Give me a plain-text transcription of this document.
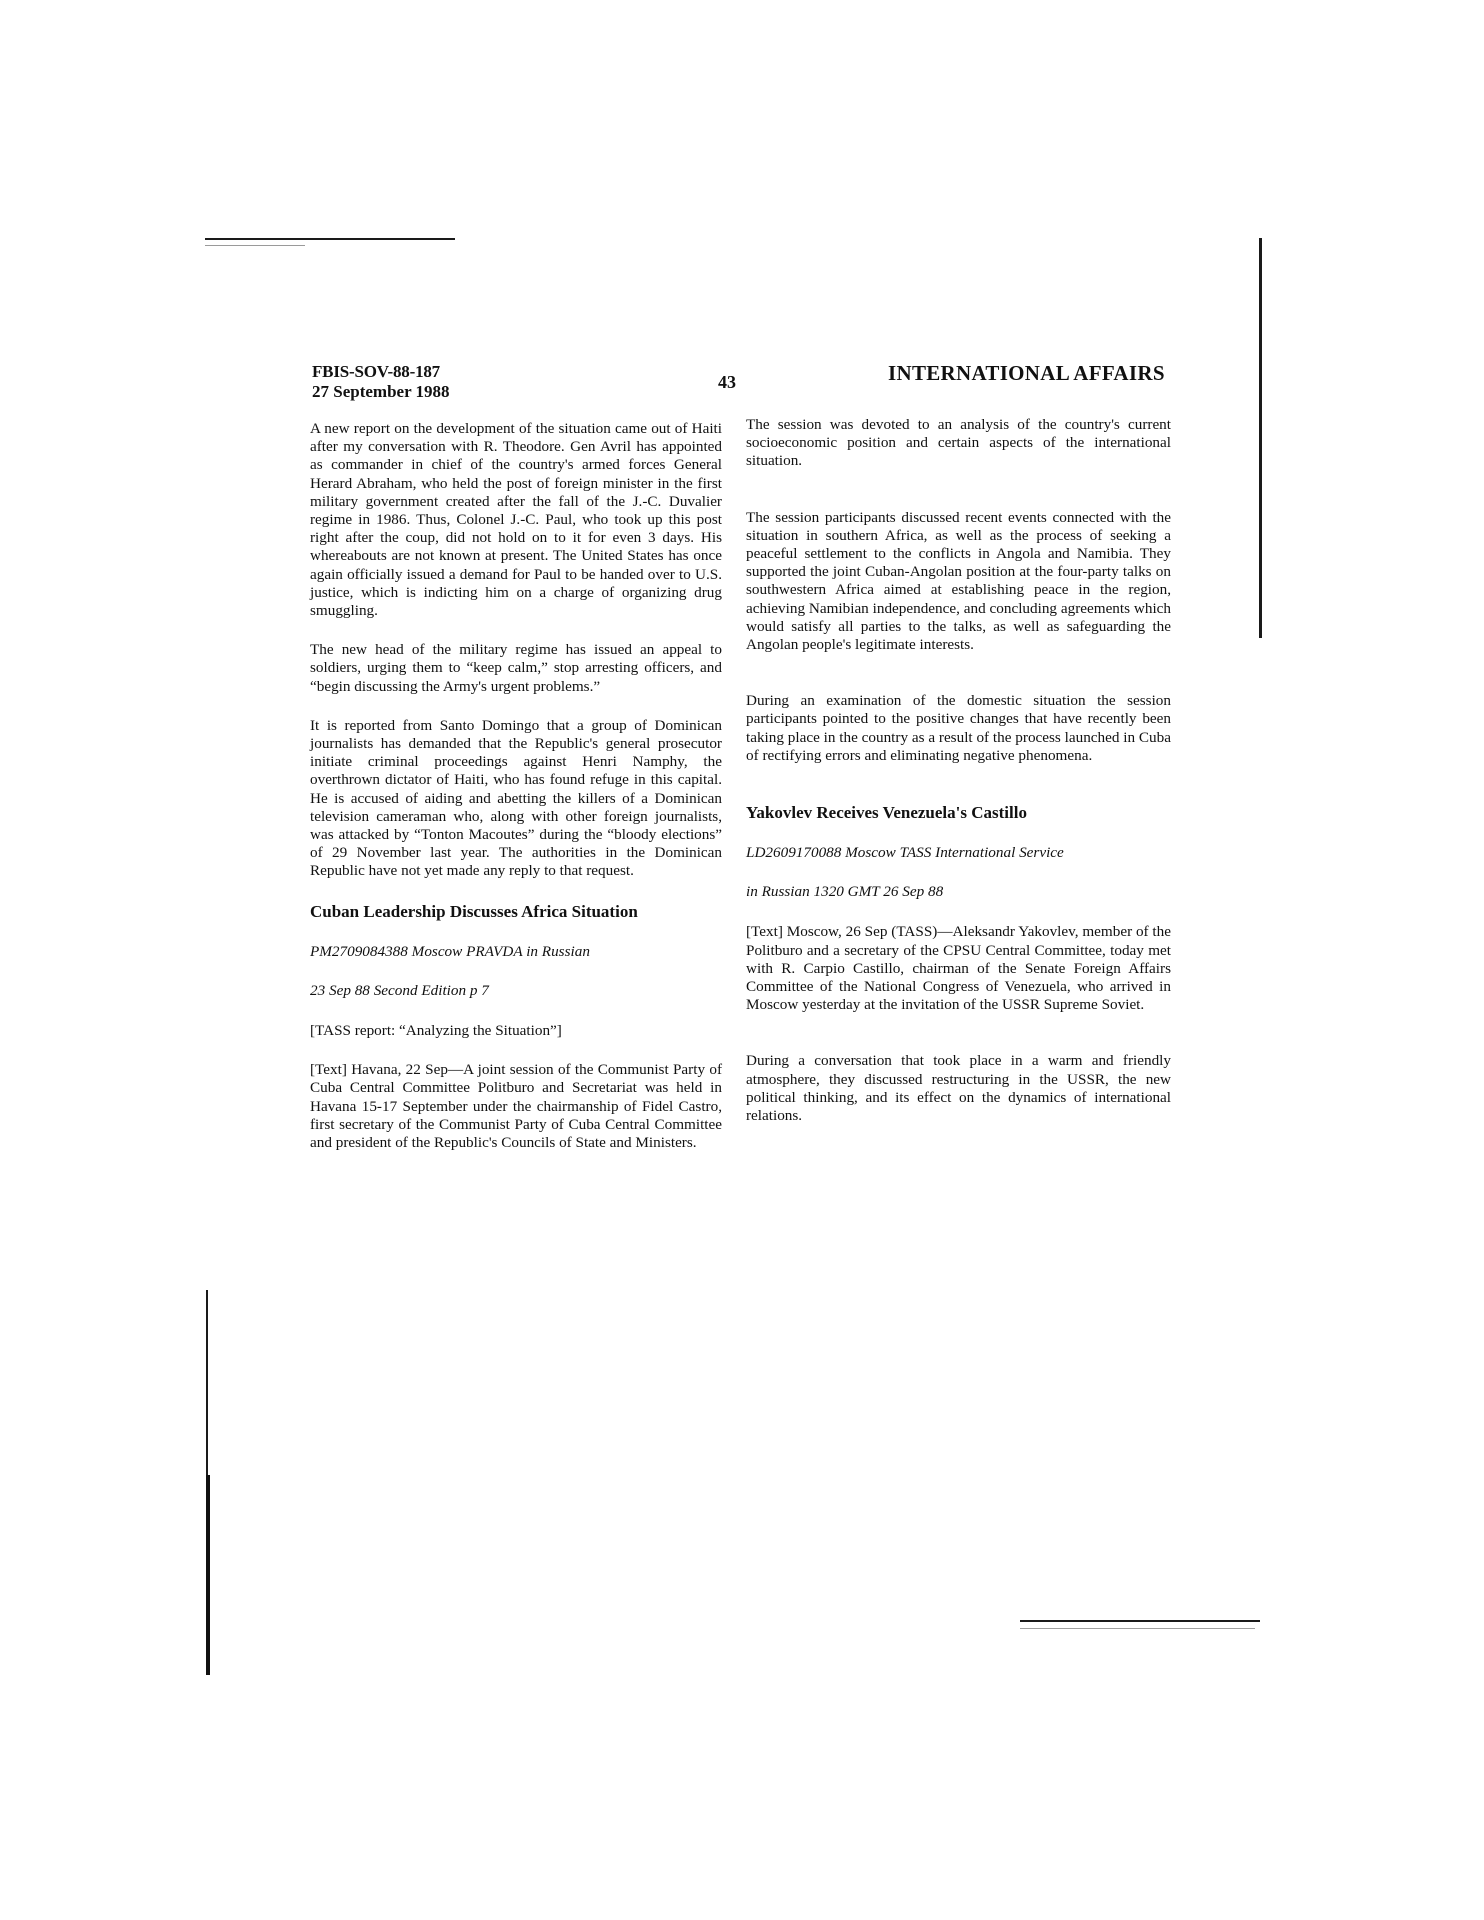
FBIS-SOV-88-187
27 September 1988	43	INTERNATIONAL AFFAIRS

A new report on the development of the situation came out of Haiti after my conversation with R. Theodore. Gen Avril has appointed as commander in chief of the country's armed forces General Herard Abraham, who held the post of foreign minister in the first military government created after the fall of the J.-C. Duvalier regime in 1986. Thus, Colonel J.-C. Paul, who took up this post right after the coup, did not hold on to it for even 3 days. His whereabouts are not known at present. The United States has once again officially issued a demand for Paul to be handed over to U.S. justice, which is indicting him on a charge of organizing drug smuggling.

The new head of the military regime has issued an appeal to soldiers, urging them to “keep calm,” stop arresting officers, and “begin discussing the Army's urgent problems.”

It is reported from Santo Domingo that a group of Dominican journalists has demanded that the Republic's general prosecutor initiate criminal proceedings against Henri Namphy, the overthrown dictator of Haiti, who has found refuge in this capital. He is accused of aiding and abetting the killers of a Dominican television cameraman who, along with other foreign journalists, was attacked by “Tonton Macoutes” during the “bloody elections” of 29 November last year. The authorities in the Dominican Republic have not yet made any reply to that request.

Cuban Leadership Discusses Africa Situation

PM2709084388 Moscow PRAVDA in Russian

23 Sep 88 Second Edition p 7

[TASS report: “Analyzing the Situation”]

[Text] Havana, 22 Sep—A joint session of the Communist Party of Cuba Central Committee Politburo and Secretariat was held in Havana 15-17 September under the chairmanship of Fidel Castro, first secretary of the Communist Party of Cuba Central Committee and president of the Republic's Councils of State and Ministers.

The session was devoted to an analysis of the country's current socioeconomic position and certain aspects of the international situation.

The session participants discussed recent events connected with the situation in southern Africa, as well as the process of seeking a peaceful settlement to the conflicts in Angola and Namibia. They supported the joint Cuban-Angolan position at the four-party talks on southwestern Africa aimed at establishing peace in the region, achieving Namibian independence, and concluding agreements which would satisfy all parties to the talks, as well as safeguarding the Angolan people's legitimate interests.

During an examination of the domestic situation the session participants pointed to the positive changes that have recently been taking place in the country as a result of the process launched in Cuba of rectifying errors and eliminating negative phenomena.

Yakovlev Receives Venezuela's Castillo

LD2609170088 Moscow TASS International Service

in Russian 1320 GMT 26 Sep 88

[Text] Moscow, 26 Sep (TASS)—Aleksandr Yakovlev, member of the Politburo and a secretary of the CPSU Central Committee, today met with R. Carpio Castillo, chairman of the Senate Foreign Affairs Committee of the National Congress of Venezuela, who arrived in Moscow yesterday at the invitation of the USSR Supreme Soviet.

During a conversation that took place in a warm and friendly atmosphere, they discussed restructuring in the USSR, the new political thinking, and its effect on the dynamics of international relations.
